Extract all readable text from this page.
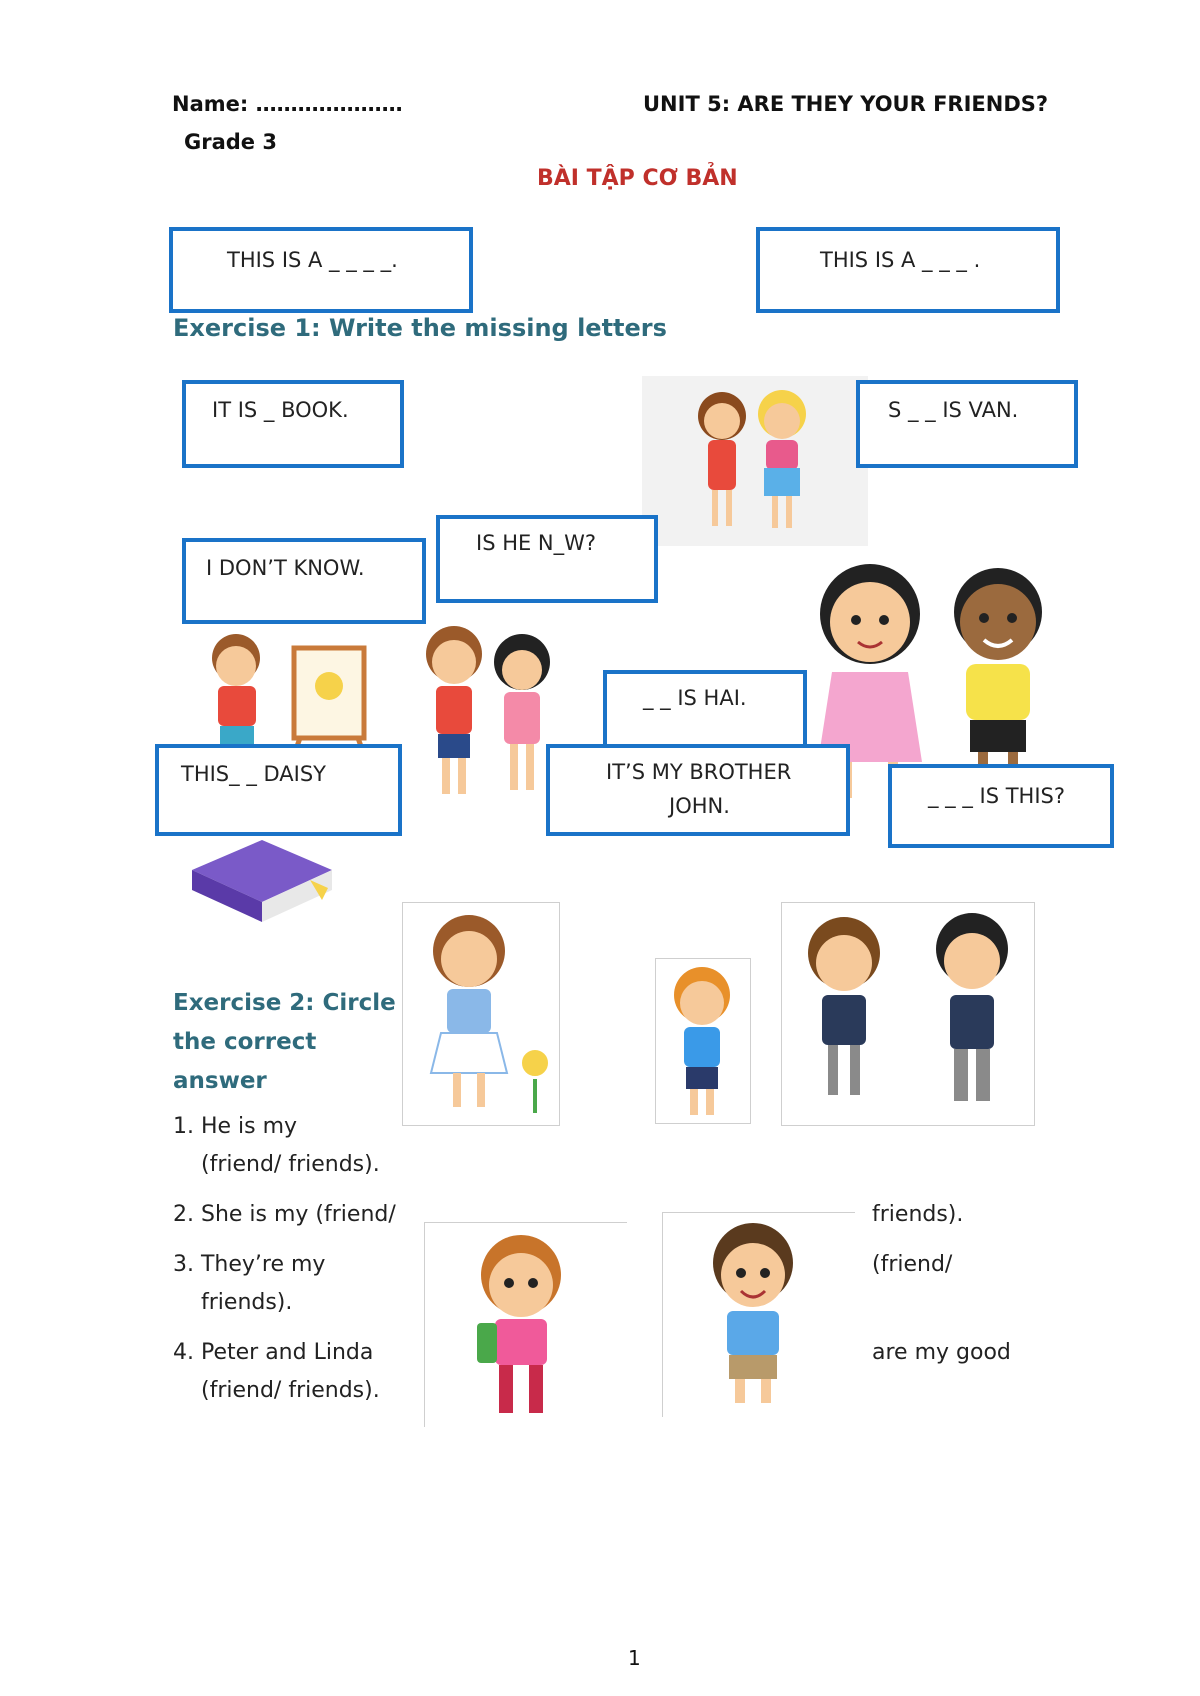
Name: …………………	UNIT 5: ARE THEY YOUR FRIENDS?
Grade 3
BÀI TẬP CƠ BẢN
THIS IS A _ _ _ _.	THIS IS A _ _ _ .
Exercise 1: Write the missing letters
IT IS _ BOOK.	S _ _ IS VAN.
IS HE N_W?
I DON’T KNOW.
_ _ IS HAI.
THIS_ _ DAISY	IT’S MY BROTHER
JOHN.	_ _ _ IS THIS?
Exercise 2: Circle
the correct
answer
1. He is my
(friend/ friends).
2. She is my (friend/
3. They’re my
friends).
4. Peter and Linda
(friend/ friends).
friends).
(friend/
are my good
1
